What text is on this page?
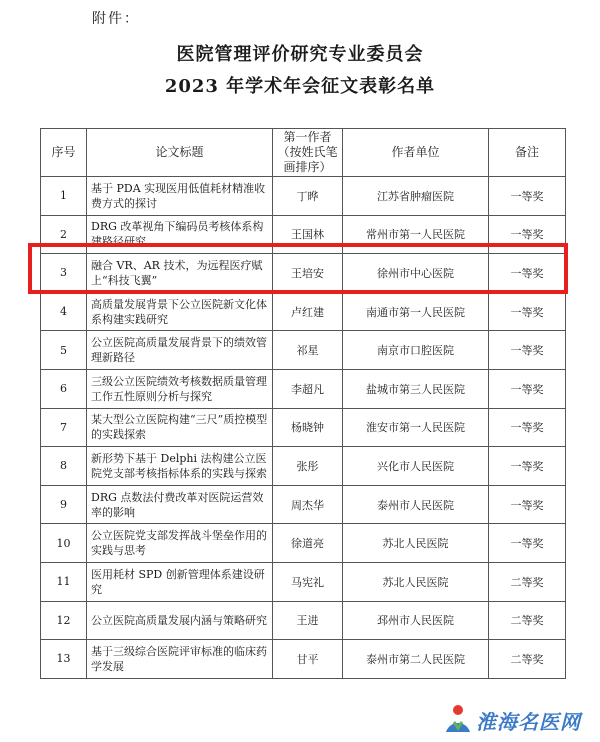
附件：
医院管理评价研究专业委员会
2023 年学术年会征文表彰名单
序号	论文标题	第一作者（按姓氏笔画排序）	作者单位	备注
1	基于 PDA 实现医用低值耗材精准收费方式的探讨	丁晔	江苏省肿瘤医院	一等奖
2	DRG 改革视角下编码员考核体系构建路径研究	王国林	常州市第一人民医院	一等奖
3	融合 VR、AR 技术，为远程医疗赋上“科技飞翼”	王培安	徐州市中心医院	一等奖
4	高质量发展背景下公立医院新文化体系构建实践研究	卢红建	南通市第一人民医院	一等奖
5	公立医院高质量发展背景下的绩效管理新路径	祁星	南京市口腔医院	一等奖
6	三级公立医院绩效考核数据质量管理工作五性原则分析与探究	李超凡	盐城市第三人民医院	一等奖
7	某大型公立医院构建“三尺”质控模型的实践探索	杨晓钟	淮安市第一人民医院	一等奖
8	新形势下基于 Delphi 法构建公立医院党支部考核指标体系的实践与探索	张彤	兴化市人民医院	一等奖
9	DRG 点数法付费改革对医院运营效率的影响	周杰华	泰州市人民医院	一等奖
10	公立医院党支部发挥战斗堡垒作用的实践与思考	徐道亮	苏北人民医院	一等奖
11	医用耗材 SPD 创新管理体系建设研究	马宪礼	苏北人民医院	二等奖
12	公立医院高质量发展内涵与策略研究	王进	邳州市人民医院	二等奖
13	基于三级综合医院评审标准的临床药学发展	甘平	泰州市第二人民医院	二等奖
淮海名医网
